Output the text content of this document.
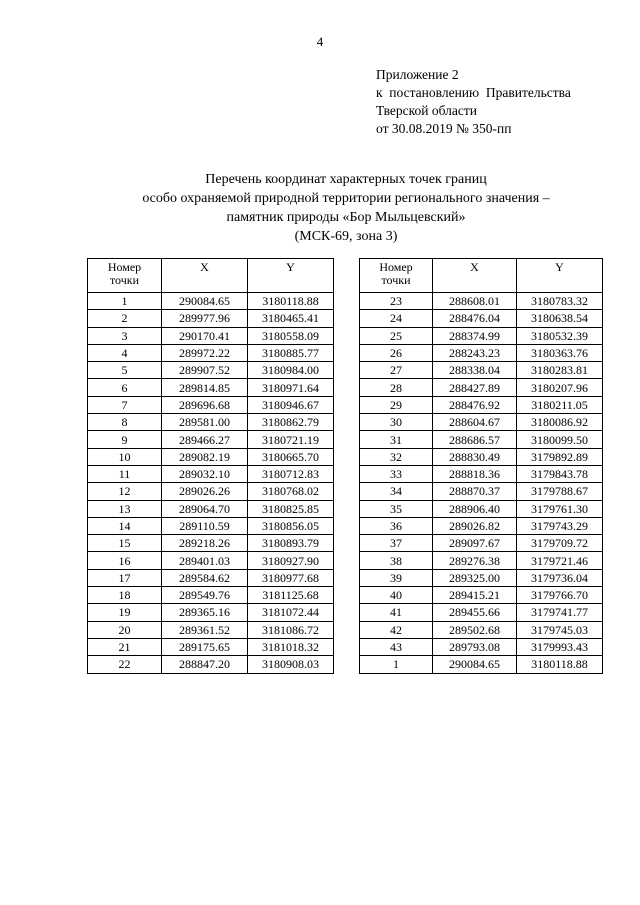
4
Приложение 2
к  постановлению  Правительства
Тверской области
от 30.08.2019 № 350-пп
Перечень координат характерных точек границ
особо охраняемой природной территории регионального значения –
памятник природы «Бор Мыльцевский»
(МСК-69, зона 3)
Номер
точки	X	Y
1	290084.65	3180118.88
2	289977.96	3180465.41
3	290170.41	3180558.09
4	289972.22	3180885.77
5	289907.52	3180984.00
6	289814.85	3180971.64
7	289696.68	3180946.67
8	289581.00	3180862.79
9	289466.27	3180721.19
10	289082.19	3180665.70
11	289032.10	3180712.83
12	289026.26	3180768.02
13	289064.70	3180825.85
14	289110.59	3180856.05
15	289218.26	3180893.79
16	289401.03	3180927.90
17	289584.62	3180977.68
18	289549.76	3181125.68
19	289365.16	3181072.44
20	289361.52	3181086.72
21	289175.65	3181018.32
22	288847.20	3180908.03
Номер
точки	X	Y
23	288608.01	3180783.32
24	288476.04	3180638.54
25	288374.99	3180532.39
26	288243.23	3180363.76
27	288338.04	3180283.81
28	288427.89	3180207.96
29	288476.92	3180211.05
30	288604.67	3180086.92
31	288686.57	3180099.50
32	288830.49	3179892.89
33	288818.36	3179843.78
34	288870.37	3179788.67
35	288906.40	3179761.30
36	289026.82	3179743.29
37	289097.67	3179709.72
38	289276.38	3179721.46
39	289325.00	3179736.04
40	289415.21	3179766.70
41	289455.66	3179741.77
42	289502.68	3179745.03
43	289793.08	3179993.43
1	290084.65	3180118.88
